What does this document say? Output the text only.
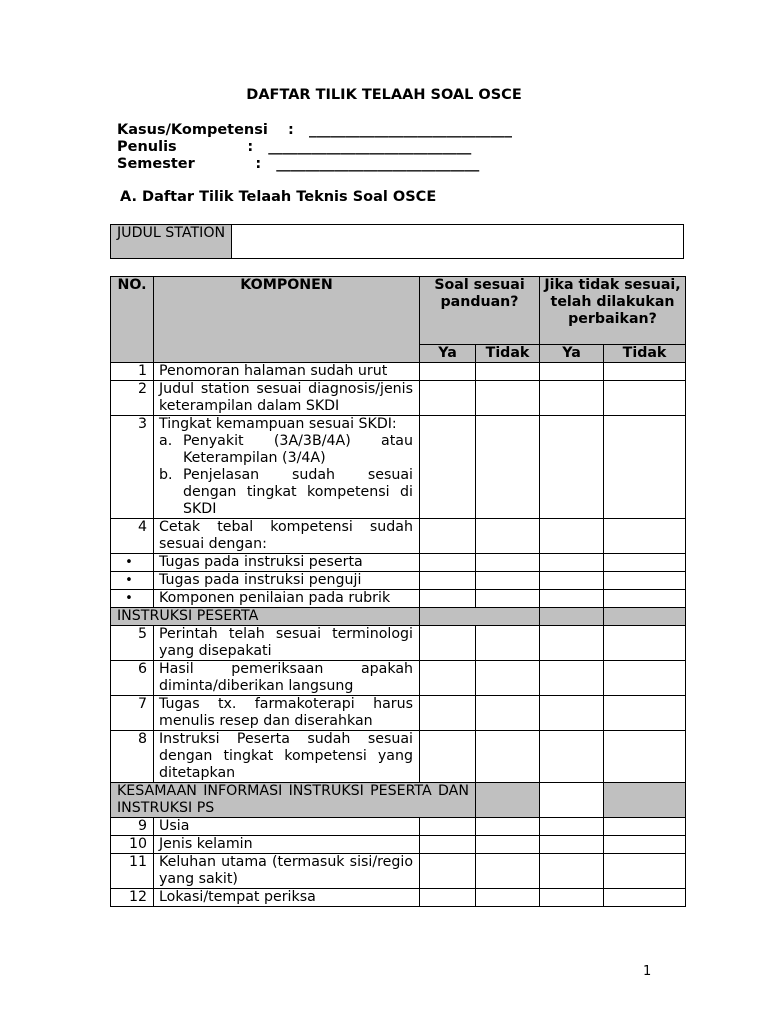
DAFTAR TILIK TELAAH SOAL OSCE
Kasus/Kompetensi    :   ____________________________
Penulis              :   ____________________________
Semester            :   ____________________________
A. Daftar Tilik Telaah Teknis Soal OSCE
JUDUL STATION	
NO.	KOMPONEN	Soal sesuai panduan?		Jika tidak sesuai, telah dilakukan perbaikan?	
		Ya	Tidak	Ya	Tidak
1	Penomoran halaman sudah urut				
2	Judul station sesuai diagnosis/jenis keterampilan dalam SKDI				
3	Tingkat kemampuan sesuai SKDI:
a. Penyakit (3A/3B/4A) atau Keterampilan (3/4A)
b. Penjelasan sudah sesuai dengan tingkat kompetensi di SKDI				

4	Cetak tebal kompetensi sudah sesuai dengan:				
•	Tugas pada instruksi peserta				
•	Tugas pada instruksi penguji				
•	Komponen penilaian pada rubrik				
INSTRUKSI PESERTA					
5	Perintah telah sesuai terminologi yang disepakati				
6	Hasil pemeriksaan apakah diminta/diberikan langsung				
7	Tugas tx. farmakoterapi harus menulis resep dan diserahkan				
8	Instruksi Peserta sudah sesuai dengan tingkat kompetensi yang ditetapkan				
KESAMAAN INFORMASI INSTRUKSI PESERTA DAN INSTRUKSI PS					
9	Usia				
10	Jenis kelamin				
11	Keluhan utama (termasuk sisi/regio yang sakit)				
12	Lokasi/tempat periksa				
1
